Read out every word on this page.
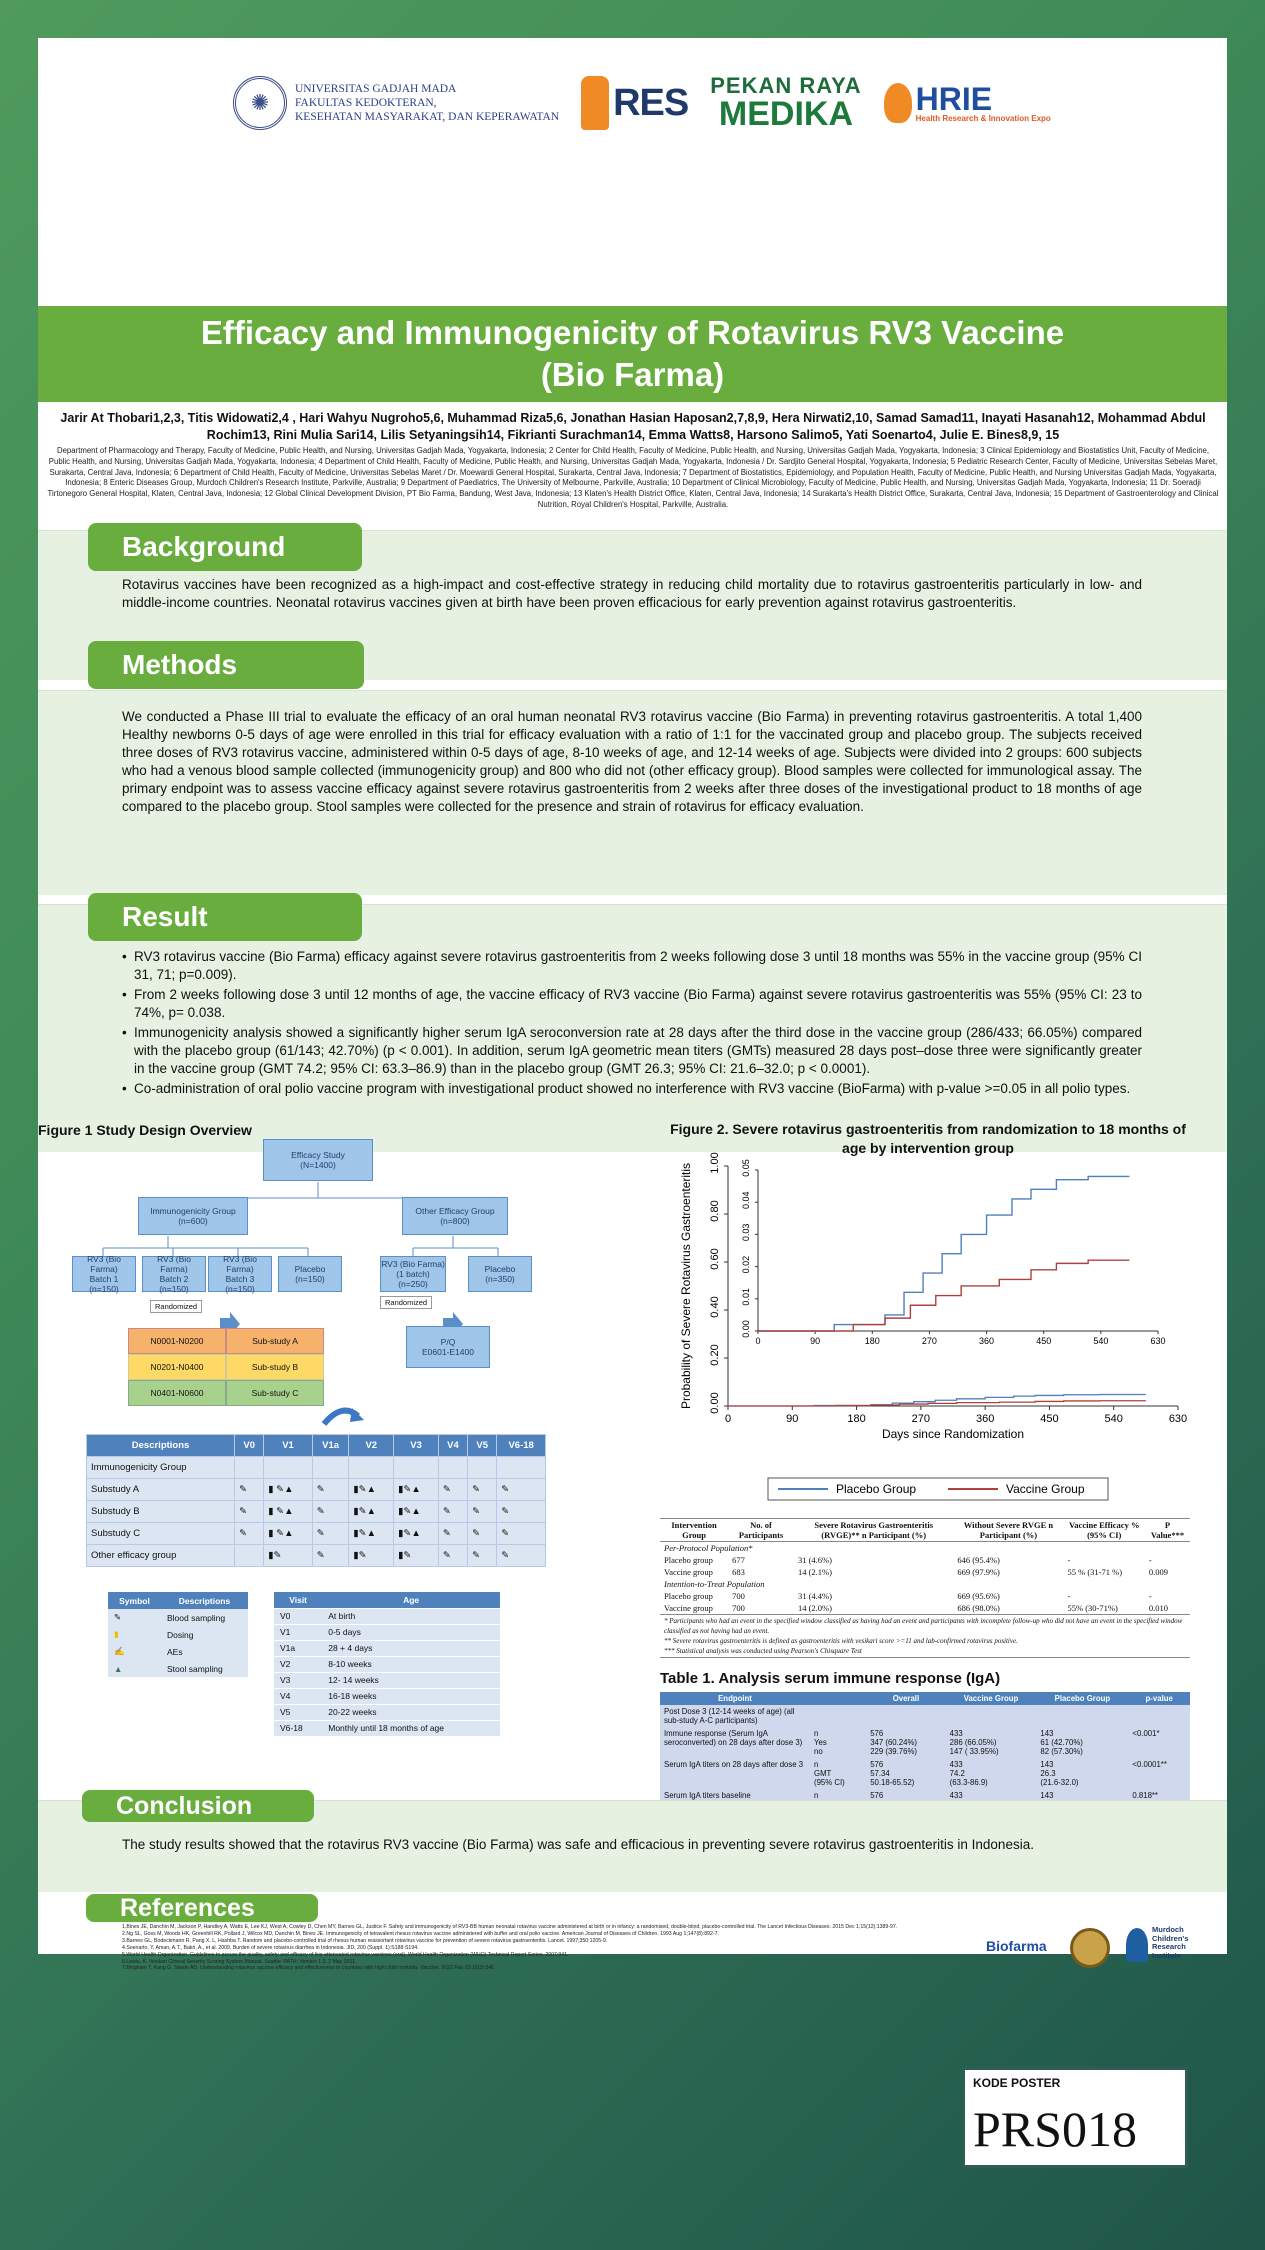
✺
UNIVERSITAS GADJAH MADA
FAKULTAS KEDOKTERAN,
KESEHATAN MASYARAKAT, DAN KEPERAWATAN RES PEKAN RAYA
MEDIKA HRIE
Health Research & Innovation Expo
Efficacy and Immunogenicity of Rotavirus RV3 Vaccine
(Bio Farma)
Jarir At Thobari1,2,3, Titis Widowati2,4 , Hari Wahyu Nugroho5,6, Muhammad Riza5,6, Jonathan Hasian Haposan2,7,8,9, Hera Nirwati2,10, Samad Samad11, Inayati Hasanah12, Mohammad Abdul Rochim13, Rini Mulia Sari14, Lilis Setyaningsih14, Fikrianti Surachman14, Emma Watts8, Harsono Salimo5, Yati Soenarto4, Julie E. Bines8,9, 15
Department of Pharmacology and Therapy, Faculty of Medicine, Public Health, and Nursing, Universitas Gadjah Mada, Yogyakarta, Indonesia; 2 Center for Child Health, Faculty of Medicine, Public Health, and Nursing, Universitas Gadjah Mada, Yogyakarta, Indonesia; 3 Clinical Epidemiology and Biostatistics Unit, Faculty of Medicine, Public Health, and Nursing, Universitas Gadjah Mada, Yogyakarta, Indonesia; 4 Department of Child Health, Faculty of Medicine, Public Health, and Nursing, Universitas Gadjah Mada, Yogyakarta, Indonesia / Dr. Sardjito General Hospital, Yogyakarta, Indonesia; 5 Pediatric Research Center, Faculty of Medicine, Universitas Sebelas Maret, Surakarta, Central Java, Indonesia; 6 Department of Child Health, Faculty of Medicine, Universitas Sebelas Maret / Dr. Moewardi General Hospital, Surakarta, Central Java, Indonesia; 7 Department of Biostatistics, Epidemiology, and Population Health, Faculty of Medicine, Public Health, and Nursing Universitas Gadjah Mada, Yogyakarta, Indonesia; 8 Enteric Diseases Group, Murdoch Children's Research Institute, Parkville, Australia; 9 Department of Paediatrics, The University of Melbourne, Parkville, Australia; 10 Department of Clinical Microbiology, Faculty of Medicine, Public Health, and Nursing, Universitas Gadjah Mada, Yogyakarta, Indonesia; 11 Dr. Soeradji Tirtonegoro General Hospital, Klaten, Central Java, Indonesia; 12 Global Clinical Development Division, PT Bio Farma, Bandung, West Java, Indonesia; 13 Klaten's Health District Office, Klaten, Central Java, Indonesia; 14 Surakarta's Health District Office, Surakarta, Central Java, Indonesia; 15 Department of Gastroenterology and Clinical Nutrition, Royal Children's Hospital, Parkville, Australia.
Background
Rotavirus vaccines have been recognized as a high-impact and cost-effective strategy in reducing child mortality due to rotavirus gastroenteritis particularly in low- and middle-income countries. Neonatal rotavirus vaccines given at birth have been proven efficacious for early prevention against rotavirus gastroenteritis.
Methods
We conducted a Phase III trial to evaluate the efficacy of an oral human neonatal RV3 rotavirus vaccine (Bio Farma) in preventing rotavirus gastroenteritis. A total 1,400 Healthy newborns 0-5 days of age were enrolled in this trial for efficacy evaluation with a ratio of 1:1 for the vaccinated group and placebo group. The subjects received three doses of RV3 rotavirus vaccine, administered within 0-5 days of age, 8-10 weeks of age, and 12-14 weeks of age. Subjects were divided into 2 groups: 600 subjects who had a venous blood sample collected (immunogenicity group) and 800 who did not (other efficacy group). Blood samples were collected for immunological assay. The primary endpoint was to assess vaccine efficacy against severe rotavirus gastroenteritis from 2 weeks after three doses of the investigational product to 18 months of age compared to the placebo group. Stool samples were collected for the presence and strain of rotavirus for efficacy evaluation.
Result
• RV3 rotavirus vaccine (Bio Farma) efficacy against severe rotavirus gastroenteritis from 2 weeks following dose 3 until 18 months was 55% in the vaccine group (95% CI 31, 71; p=0.009).
• From 2 weeks following dose 3 until 12 months of age, the vaccine efficacy of RV3 vaccine (Bio Farma) against severe rotavirus gastroenteritis was 55% (95% CI: 23 to 74%, p= 0.038.
• Immunogenicity analysis showed a significantly higher serum IgA seroconversion rate at 28 days after the third dose in the vaccine group (286/433; 66.05%) compared with the placebo group (61/143; 42.70%) (p < 0.001). In addition, serum IgA geometric mean titers (GMTs) measured 28 days post–dose three were significantly greater in the vaccine group (GMT 74.2; 95% CI: 63.3–86.9) than in the placebo group (GMT 26.3; 95% CI: 21.6–32.0; p < 0.0001).
• Co-administration of oral polio vaccine program with investigational product showed no interference with RV3 vaccine (BioFarma) with p-value >=0.05 in all polio types.
Figure 1 Study Design Overview
Efficacy Study
(N=1400)
Immunogenicity Group
(n=600)
Other Efficacy Group
(n=800)
RV3 (Bio Farma)
Batch 1
(n=150)
RV3 (Bio Farma)
Batch 2
(n=150)
RV3 (Bio Farma)
Batch 3
(n=150)
Placebo
(n=150)
RV3 (Bio Farma)
(1 batch)
(n=250)
Placebo
(n=350)
Randomized	Randomized
P/Q
E0601-E1400
N0001-N0200	Sub-study A
N0201-N0400	Sub-study B
N0401-N0600	Sub-study C
Descriptions	V0	V1	V1a	V2	V3	V4	V5	V6-18
Immunogenicity Group								
Substudy A	✎	▮ ✎▲	✎	▮✎▲	▮✎▲	✎	✎	✎
Substudy B	✎	▮ ✎▲	✎	▮✎▲	▮✎▲	✎	✎	✎
Substudy C	✎	▮ ✎▲	✎	▮✎▲	▮✎▲	✎	✎	✎
Other efficacy group		▮✎	✎	▮✎	▮✎	✎	✎	✎
Symbol	Descriptions
✎	Blood sampling
▮	Dosing
✍	AEs
▲	Stool sampling
Visit	Age
V0	At birth
V1	0-5 days
V1a	28 + 4 days
V2	8-10 weeks
V3	12- 14 weeks
V4	16-18 weeks
V5	20-22 weeks
V6-18	Monthly until 18 months of age
Figure 2. Severe rotavirus gastroenteritis from randomization to 18 months of age by intervention group
0	90	180	270	360	450	540	630
0.00
0.20
0.40
0.60
0.80
1.00
Days since Randomization
Probability of Severe Rotavirus Gastroenteritis	0	90	180	270	360	450	540	630
0.00
0.01
0.02
0.03
0.04
0.05
Placebo Group	Vaccine Group
Intervention Group	No. of Participants	Severe Rotavirus Gastroenteritis (RVGE)** n Participant (%)	Without Severe RVGE n Participant (%)	Vaccine Efficacy % (95% CI)	P Value***
Per-Protocol Population*					
Placebo group	677	31 (4.6%)	646 (95.4%)	-	-
Vaccine group	683	14 (2.1%)	669 (97.9%)	55 % (31-71 %)	0.009
Intention-to-Treat Population					
Placebo group	700	31 (4.4%)	669 (95.6%)	-	-
Vaccine group	700	14 (2.0%)	686 (98.0%)	55% (30-71%)	0.010

* Participants who had an event in the specified window classified as having had an event and participants with incomplete follow-up who did not have an event in the specified window classified as not having had an event.
** Severe rotavirus gastroenteritis is defined as gastroenteritis with vesikari score >=11 and lab-confirmed rotavirus positive.
*** Statistical analysis was conducted using Pearson's Chisquare Test					
Table 1. Analysis serum immune response (IgA)
Endpoint		Overall	Vaccine Group	Placebo Group	p-value
Post Dose 3 (12-14 weeks of age) (all sub-study A-C participants)					
Immune response (Serum IgA seroconverted) on 28 days after dose 3)	n
Yes
no	576
347 (60.24%)
229 (39.76%)	433
286 (66.05%)
147 ( 33.95%)	143
61 (42.70%)
82 (57.30%)	<0.001*
Serum IgA titers on 28 days after dose 3	n
GMT
(95% CI)	576
57.34
50.18-65.52)	433
74.2
(63.3-86.9)	143
26.3
(21.6-32.0)	<0.0001**
Serum IgA titers baseline	n	576	433	143	0.818**
Conclusion
The study results showed that the rotavirus RV3 vaccine (Bio Farma) was safe and efficacious in preventing severe rotavirus gastroenteritis in Indonesia.
References
1.Bines JE, Danchin M, Jackson P, Handley A, Watts E, Lee KJ, West A, Cowley D, Chen MY, Barnes GL, Justice F. Safety and immunogenicity of RV3-BB human neonatal rotavirus vaccine administered at birth or in infancy: a randomised, double-blind, placebo-controlled trial. The Lancet Infectious Diseases. 2015 Dec 1;15(12):1389-97.
2.Ng SL, Goss M, Woods HK, Greenhill RK, Pollard J, Wilcox MD, Danchin M, Bines JE. Immunogenicity of tetravalent rhesus rotavirus vaccine administered with buffer and oral polio vaccine. American Journal of Diseases of Children. 1993 Aug 1;147(8):892-7.
3.Barnes GL, Bodeckmann R, Pang X. L, Hashba T. Random and placebo-controlled trial of rhesus human reassortant rotavirus vaccine for prevention of severe rotavirus gastroenteritis. Lancet. 1997;350:1205-9.
4.Soenarto, Y, Aman, A.T., Bakri, A., et al. 2009. Burden of severe rotavirus diarrhea in Indonesia. JID, 200 (Suppl. 1):S188-S194.
5.World Health Organization. Guidelines to assure the quality, safety and efficacy of live attenuated rotavirus vaccines (oral). World Health Organization (WHO) Technical Report Series. 2007;941.
6.Lewis, K. Vesikari Clinical Severity Scoring System Manual. Seattle: PATH; Version 1.3, 2 May 2011.
7.Bingham T, Kang G, Steele AD. Understanding rotavirus vaccine efficacy and effectiveness in countries with high child mortality. Vaccine. 2022 Feb 23;10(3):346.
Biofarma
Murdoch
Children's
Research
Institute
KODE POSTER
PRS018
